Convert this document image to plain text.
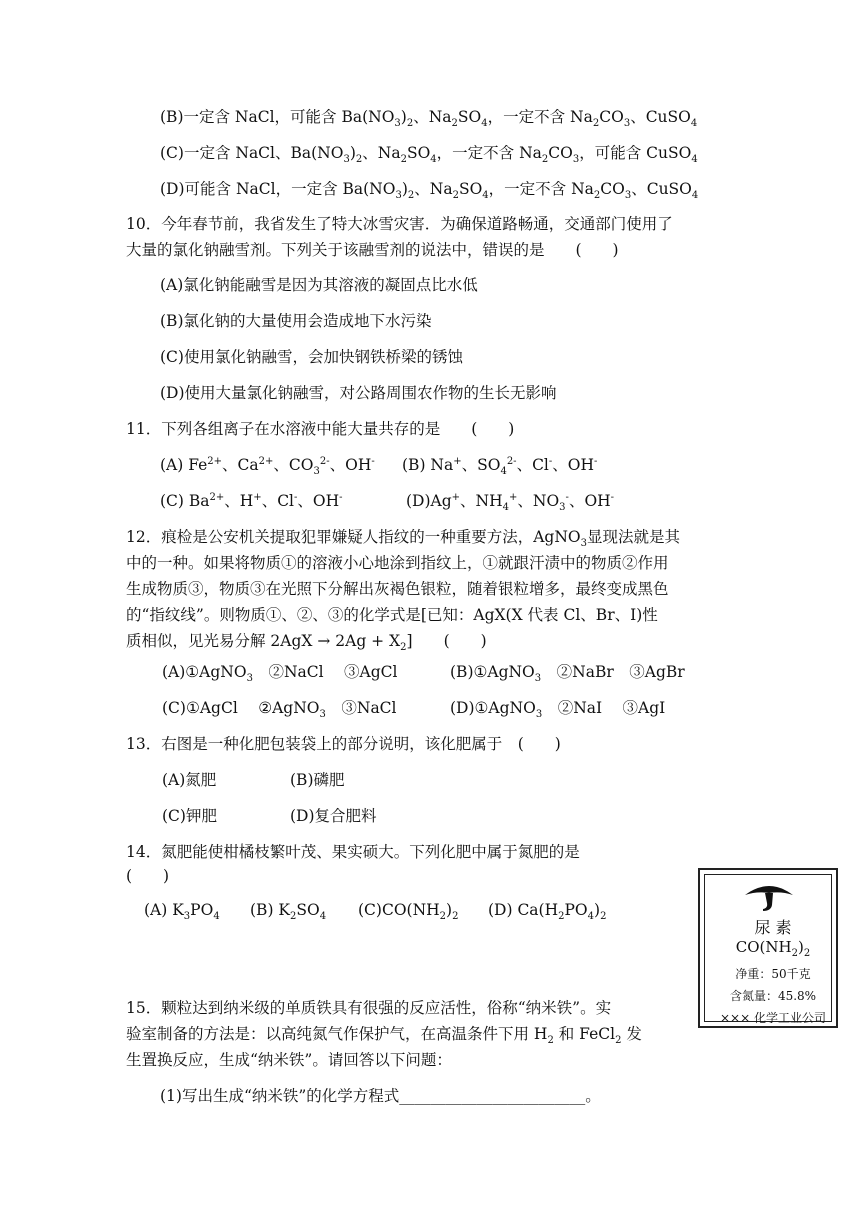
(B)一定含 NaCl，可能含 $Ba(NO_3)_2$、$Na_2SO_4$，一定不含 $Na_2CO_3$、CuSO$_4$
(C)一定含 NaCl、$Ba(NO_3)_2$、$Na_2SO_4$，一定不含 $Na_2CO_3$，可能含 CuSO$_4$
(D)可能含 NaCl，一定含 $Ba(NO_3)_2$、$Na_2SO_4$，一定不含 $Na_2CO_3$、CuSO$_4$
10．今年春节前，我省发生了特大冰雪灾害．为确保道路畅通，交通部门使用了
大量的氯化钠融雪剂。下列关于该融雪剂的说法中，错误的是　　(　　)
(A)氯化钠能融雪是因为其溶液的凝固点比水低
(B)氯化钠的大量使用会造成地下水污染
(C)使用氯化钠融雪，会加快钢铁桥梁的锈蚀
(D)使用大量氯化钠融雪，对公路周围农作物的生长无影响
11．下列各组离子在水溶液中能大量共存的是　　(　　)
(A) $Fe^{2+}$、$Ca^{2+}$、$CO_3^{2-}$、OH- (B) Na+、$SO_4^{2-}$、Cl-、OH-
(C) $Ba^{2+}$、H+、Cl-、OH-	(D)Ag+、$NH_4^+$、$NO_3^-$、OH-
12．痕检是公安机关提取犯罪嫌疑人指纹的一种重要方法，AgNO$_3$显现法就是其
中的一种。如果将物质①的溶液小心地涂到指纹上，①就跟汗渍中的物质②作用
生成物质③，物质③在光照下分解出灰褐色银粒，随着银粒增多，最终变成黑色
的“指纹线”。则物质①、②、③的化学式是[已知：AgX(X 代表 Cl、Br、I)性
质相似，见光易分解 $2AgX \to 2Ag + X_2$]　　(　　)
(A)①AgNO$_3$　②NaCl　 ③AgCl	(B)①AgNO$_3$　②NaBr　③AgBr
(C)①AgCl　 ②AgNO$_3$　③NaCl	(D)①AgNO$_3$　②NaI　 ③AgI
13．右图是一种化肥包装袋上的部分说明，该化肥属于　(　　)
(A)氮肥	(B)磷肥
(C)钾肥	(D)复合肥料
14．氮肥能使柑橘枝繁叶茂、果实硕大。下列化肥中属于氮肥的是
(　　)
(A) $K_3PO_4$ (B) $K_2SO_4$ $(C)CO(NH_2)_2$ (D) $Ca(H_2PO_4)_2$
尿 素
$CO(NH_2)_2$
净重：50千克
含氮量：45.8%
××× 化学工业公司
15．颗粒达到纳米级的单质铁具有很强的反应活性，俗称“纳米铁”。实
验室制备的方法是：以高纯氮气作保护气，在高温条件下用 $H_2$ 和 FeCl$_2$ 发
生置换反应，生成“纳米铁”。请回答以下问题：
(1)写出生成“纳米铁”的化学方程式________________________。
